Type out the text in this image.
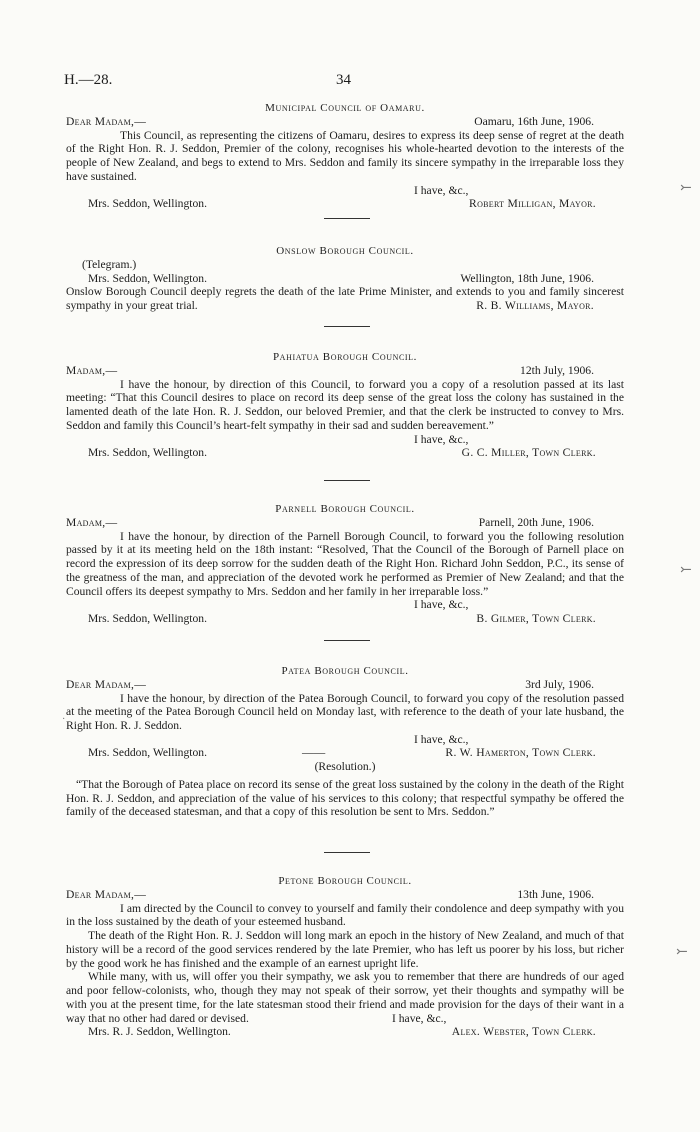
H.—28.	34
Municipal Council of Oamaru.
Dear Madam,—	Oamaru, 16th June, 1906.

This Council, as representing the citizens of Oamaru, desires to express its deep sense of regret at the death of the Right Hon. R. J. Seddon, Premier of the colony, recognises his whole-hearted devotion to the interests of the people of New Zealand, and begs to extend to Mrs. Seddon and family its sincere sympathy in the irreparable loss they have sustained.

I have, &c.,
Mrs. Seddon, Wellington.	Robert Milligan, Mayor.
Onslow Borough Council.
(Telegram.)
Mrs. Seddon, Wellington.	Wellington, 18th June, 1906.

Onslow Borough Council deeply regrets the death of the late Prime Minister, and extends to you and family sincerest sympathy in your great trial.	R. B. Williams, Mayor.
Pahiatua Borough Council.
Madam,—	12th July, 1906.

I have the honour, by direction of this Council, to forward you a copy of a resolution passed at its last meeting: “That this Council desires to place on record its deep sense of the great loss the colony has sustained in the lamented death of the late Hon. R. J. Seddon, our beloved Premier, and that the clerk be instructed to convey to Mrs. Seddon and family this Council’s heart-felt sympathy in their sad and sudden bereavement.”

I have, &c.,
Mrs. Seddon, Wellington.	G. C. Miller, Town Clerk.
Parnell Borough Council.
Madam,—	Parnell, 20th June, 1906.

I have the honour, by direction of the Parnell Borough Council, to forward you the following resolution passed by it at its meeting held on the 18th instant: “Resolved, That the Council of the Borough of Parnell place on record the expression of its deep sorrow for the sudden death of the Right Hon. Richard John Seddon, P.C., its sense of the greatness of the man, and appreciation of the devoted work he performed as Premier of New Zealand; and that the Council offers its deepest sympathy to Mrs. Seddon and her family in her irreparable loss.”

I have, &c.,
Mrs. Seddon, Wellington.	B. Gilmer, Town Clerk.
Patea Borough Council.
Dear Madam,—	3rd July, 1906.

I have the honour, by direction of the Patea Borough Council, to forward you copy of the resolution passed at the meeting of the Patea Borough Council held on Monday last, with reference to the death of your late husband, the Right Hon. R. J. Seddon.

I have, &c.,
Mrs. Seddon, Wellington.	——	R. W. Hamerton, Town Clerk.
(Resolution.)

“That the Borough of Patea place on record its sense of the great loss sustained by the colony in the death of the Right Hon. R. J. Seddon, and appreciation of the value of his services to this colony; that respectful sympathy be offered the family of the deceased statesman, and that a copy of this resolution be sent to Mrs. Seddon.”

Petone Borough Council.
Dear Madam,—	13th June, 1906.

I am directed by the Council to convey to yourself and family their condolence and deep sympathy with you in the loss sustained by the death of your esteemed husband.

The death of the Right Hon. R. J. Seddon will long mark an epoch in the history of New Zealand, and much of that history will be a record of the good services rendered by the late Premier, who has left us poorer by his loss, but richer by the good work he has finished and the example of an earnest upright life.

While many, with us, will offer you their sympathy, we ask you to remember that there are hundreds of our aged and poor fellow-colonists, who, though they may not speak of their sorrow, yet their thoughts and sympathy will be with you at the present time, for the late statesman stood their friend and made provision for the days of their want in a way that no other had dared or devised.	I have, &c.,
Mrs. R. J. Seddon, Wellington.	Alex. Webster, Town Clerk.
⤚
⤚
⤚
·
